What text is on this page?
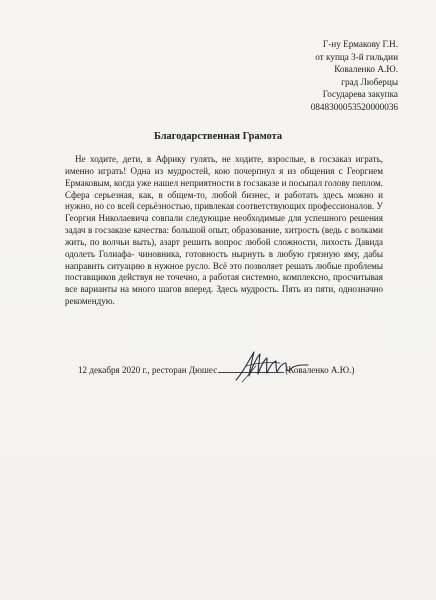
Г-ну Ермакову Г.Н.
от купца 3-й гильдии
Коваленко А.Ю.
град Люберцы
Государева закупка
0848300053520000036
Благодарственная Грамота

Не ходите, дети, в Африку гулять, не ходите, взрослые, в госзаказ играть, именно играть! Одна из мудростей, кою почерпнул я из общения с Георгием Ермаковым, когда уже нашел неприятности в госзаказе и посыпал голову пеплом. Сфера серьезная, как, в общем-то, любой бизнес, и работать здесь можно и нужно, но со всей серьёзностью, привлекая соответствующих профессионалов. У Георгия Николаевича совпали следующие необходимые для успешного решения задач в госзаказе качества: большой опыт, образование, хитрость (ведь с волками жить, по волчьи выть), азарт решить вопрос любой сложности, лихость Давида одолеть Голиафа- чиновника, готовность нырнуть в любую грязную яму, дабы направить ситуацию в нужное русло. Всё это позволяет решать любые проблемы поставщиков действуя не точечно, а работая системно, комплексно, просчитывая все варианты на много шагов вперед. Здесь мудрость. Пять из пяти, однозначно рекомендую.

12 декабря 2020 г., ресторан Дюшес	(Коваленко А.Ю.)
